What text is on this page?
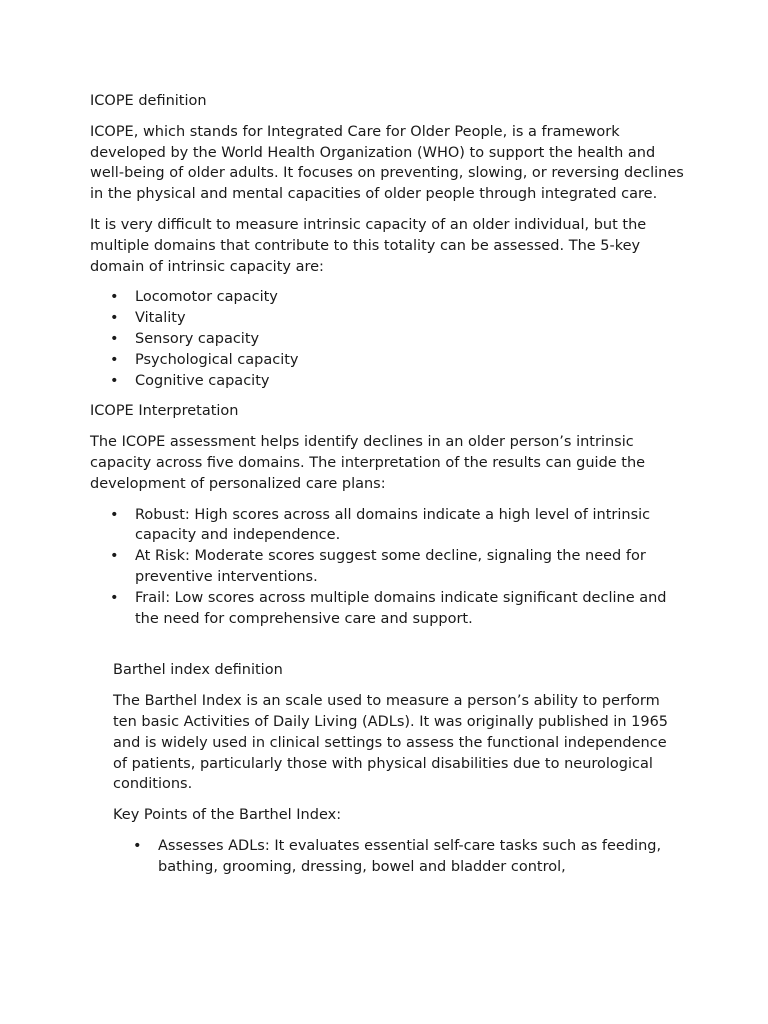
ICOPE definition

ICOPE, which stands for Integrated Care for Older People, is a framework developed by the World Health Organization (WHO) to support the health and well-being of older adults. It focuses on preventing, slowing, or reversing declines in the physical and mental capacities of older people through integrated care.

It is very difficult to measure intrinsic capacity of an older individual, but the multiple domains that contribute to this totality can be assessed. The 5-key domain of intrinsic capacity are:

• Locomotor capacity
• Vitality
• Sensory capacity
• Psychological capacity
• Cognitive capacity

ICOPE Interpretation

The ICOPE assessment helps identify declines in an older person’s intrinsic capacity across five domains. The interpretation of the results can guide the development of personalized care plans:

• Robust: High scores across all domains indicate a high level of intrinsic capacity and independence.
• At Risk: Moderate scores suggest some decline, signaling the need for preventive interventions.
• Frail: Low scores across multiple domains indicate significant decline and the need for comprehensive care and support.

Barthel index definition

The Barthel Index is an scale used to measure a person’s ability to perform ten basic Activities of Daily Living (ADLs). It was originally published in 1965 and is widely used in clinical settings to assess the functional independence of patients, particularly those with physical disabilities due to neurological conditions.

Key Points of the Barthel Index:

• Assesses ADLs: It evaluates essential self-care tasks such as feeding, bathing, grooming, dressing, bowel and bladder control,
